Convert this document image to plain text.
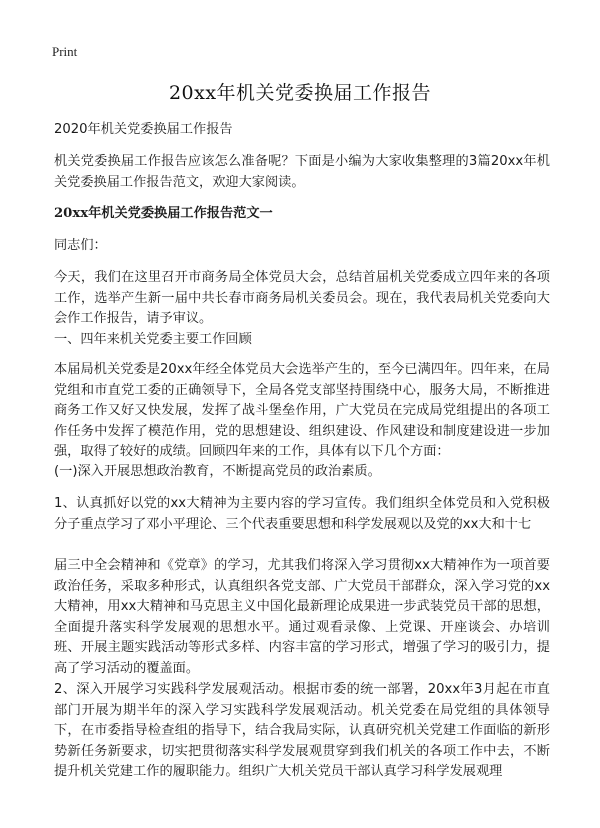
Print
20xx年机关党委换届工作报告
2020年机关党委换届工作报告
机关党委换届工作报告应该怎么准备呢？下面是小编为大家收集整理的3篇20xx年机关党委换届工作报告范文，欢迎大家阅读。
20xx年机关党委换届工作报告范文一
同志们：
今天，我们在这里召开市商务局全体党员大会，总结首届机关党委成立四年来的各项工作，选举产生新一届中共长春市商务局机关委员会。现在，我代表局机关党委向大会作工作报告，请予审议。
一、四年来机关党委主要工作回顾
本届局机关党委是20xx年经全体党员大会选举产生的，至今已满四年。四年来，在局党组和市直党工委的正确领导下，全局各党支部坚持围绕中心，服务大局，不断推进商务工作又好又快发展，发挥了战斗堡垒作用，广大党员在完成局党组提出的各项工作任务中发挥了模范作用，党的思想建设、组织建设、作风建设和制度建设进一步加强，取得了较好的成绩。回顾四年来的工作，具体有以下几个方面：
(一)深入开展思想政治教育，不断提高党员的政治素质。
1、认真抓好以党的xx大精神为主要内容的学习宣传。我们组织全体党员和入党积极分子重点学习了邓小平理论、三个代表重要思想和科学发展观以及党的xx大和十七
届三中全会精神和《党章》的学习，尤其我们将深入学习贯彻xx大精神作为一项首要政治任务，采取多种形式，认真组织各党支部、广大党员干部群众，深入学习党的xx大精神，用xx大精神和马克思主义中国化最新理论成果进一步武装党员干部的思想，全面提升落实科学发展观的思想水平。通过观看录像、上党课、开座谈会、办培训班、开展主题实践活动等形式多样、内容丰富的学习形式，增强了学习的吸引力，提高了学习活动的覆盖面。
2、深入开展学习实践科学发展观活动。根据市委的统一部署，20xx年3月起在市直部门开展为期半年的深入学习实践科学发展观活动。机关党委在局党组的具体领导下，在市委指导检查组的指导下，结合我局实际，认真研究机关党建工作面临的新形势新任务新要求，切实把贯彻落实科学发展观贯穿到我们机关的各项工作中去，不断提升机关党建工作的履职能力。组织广大机关党员干部认真学习科学发展观理
